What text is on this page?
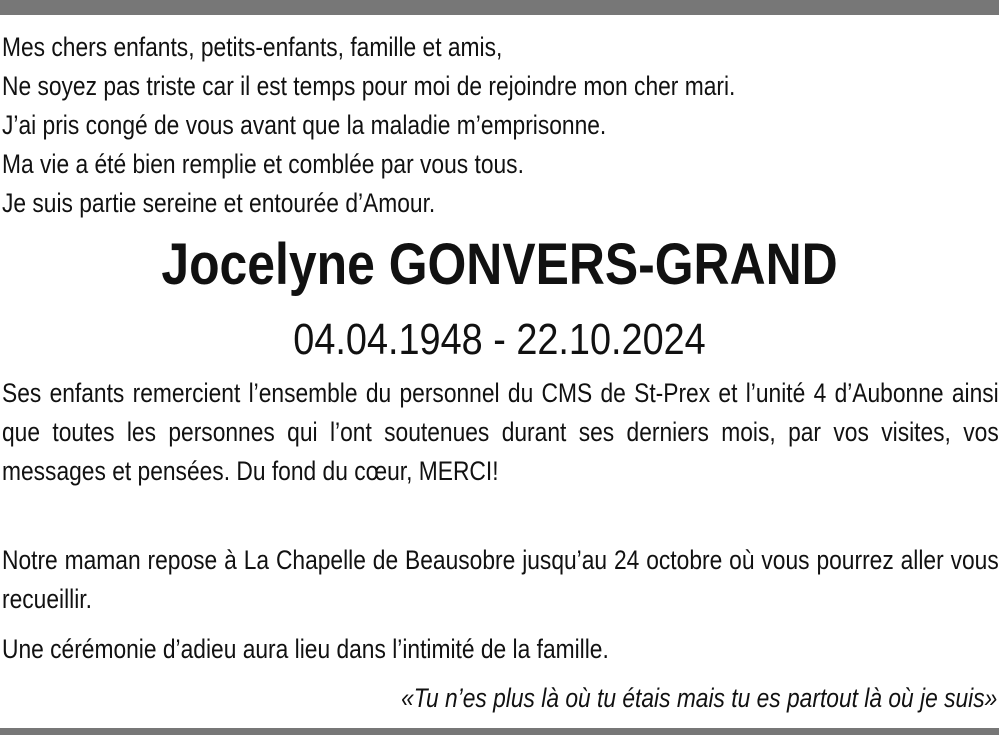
Mes chers enfants, petits-enfants, famille et amis,
Ne soyez pas triste car il est temps pour moi de rejoindre mon cher mari.
J’ai pris congé de vous avant que la maladie m’emprisonne.
Ma vie a été bien remplie et comblée par vous tous.
Je suis partie sereine et entourée d’Amour.
Jocelyne GONVERS-GRAND
04.04.1948 - 22.10.2024
Ses enfants remercient l’ensemble du personnel du CMS de St-Prex et l’unité 4 d’Aubonne ainsi que toutes les personnes qui l’ont soutenues durant ses derniers mois, par vos visites, vos messages et pensées. Du fond du cœur, MERCI!
Notre maman repose à La Chapelle de Beausobre jusqu’au 24 octobre où vous pourrez aller vous recueillir.
Une cérémonie d’adieu aura lieu dans l’intimité de la famille.
«Tu n’es plus là où tu étais mais tu es partout là où je suis»
